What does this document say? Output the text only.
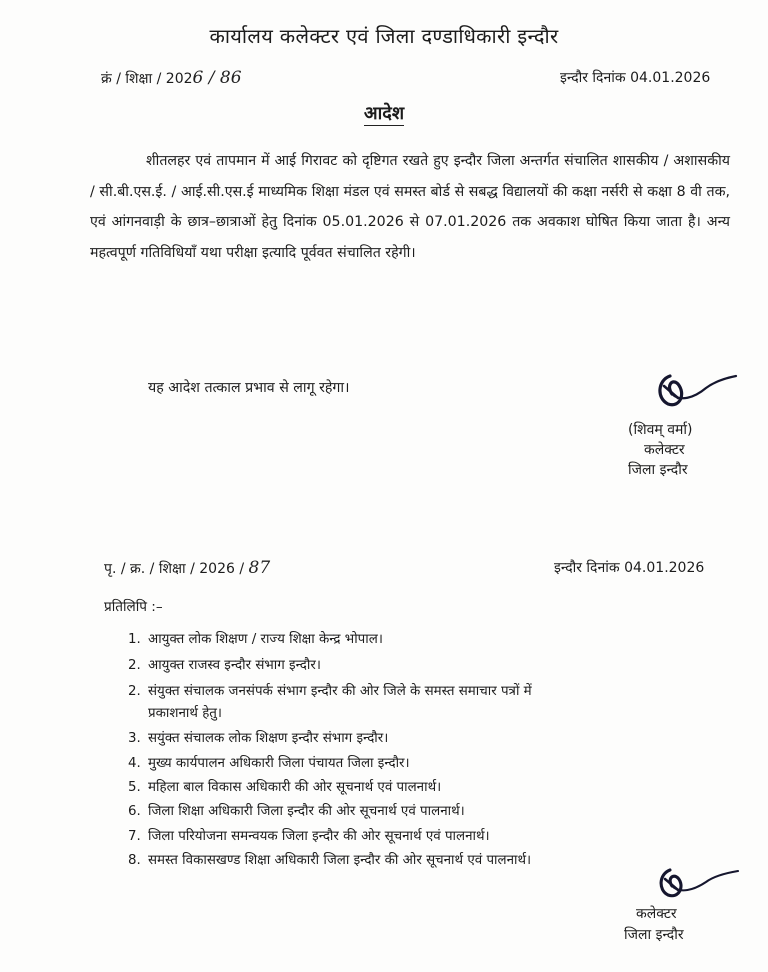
कार्यालय कलेक्टर एवं जिला दण्डाधिकारी इन्दौर
क्रं / शिक्षा / 2026 / 86	इन्दौर दिनांक 04.01.2026
आदेश
शीतलहर एवं तापमान में आई गिरावट को दृष्टिगत रखते हुए इन्दौर जिला अन्तर्गत संचालित शासकीय / अशासकीय / सी.बी.एस.ई. / आई.सी.एस.ई माध्यमिक शिक्षा मंडल एवं समस्त बोर्ड से सबद्ध विद्यालयों की कक्षा नर्सरी से कक्षा 8 वी तक, एवं आंगनवाड़ी के छात्र–छात्राओं हेतु दिनांक 05.01.2026 से 07.01.2026 तक अवकाश घोषित किया जाता है। अन्य महत्वपूर्ण गतिविधियॉं यथा परीक्षा इत्यादि पूर्ववत संचालित रहेगी।
यह आदेश तत्काल प्रभाव से लागू रहेगा।
(शिवम् वर्मा)
कलेक्टर
जिला इन्दौर
पृ. / क्र. / शिक्षा / 2026 / 87	इन्दौर दिनांक 04.01.2026
प्रतिलिपि :–
1. आयुक्त लोक शिक्षण / राज्य शिक्षा केन्द्र भोपाल।
2. आयुक्त राजस्व इन्दौर संभाग इन्दौर।
2. संयुक्त संचालक जनसंपर्क संभाग इन्दौर की ओर जिले के समस्त समाचार पत्रों में
प्रकाशनार्थ हेतु।
3. सयुंक्त संचालक लोक शिक्षण इन्दौर संभाग इन्दौर।
4. मुख्य कार्यपालन अधिकारी जिला पंचायत जिला इन्दौर।
5. महिला बाल विकास अधिकारी की ओर सूचनार्थ एवं पालनार्थ।
6. जिला शिक्षा अधिकारी जिला इन्दौर की ओर सूचनार्थ एवं पालनार्थ।
7. जिला परियोजना समन्वयक जिला इन्दौर की ओर सूचनार्थ एवं पालनार्थ।
8. समस्त विकासखण्ड शिक्षा अधिकारी जिला इन्दौर की ओर सूचनार्थ एवं पालनार्थ।
कलेक्टर
जिला इन्दौर
